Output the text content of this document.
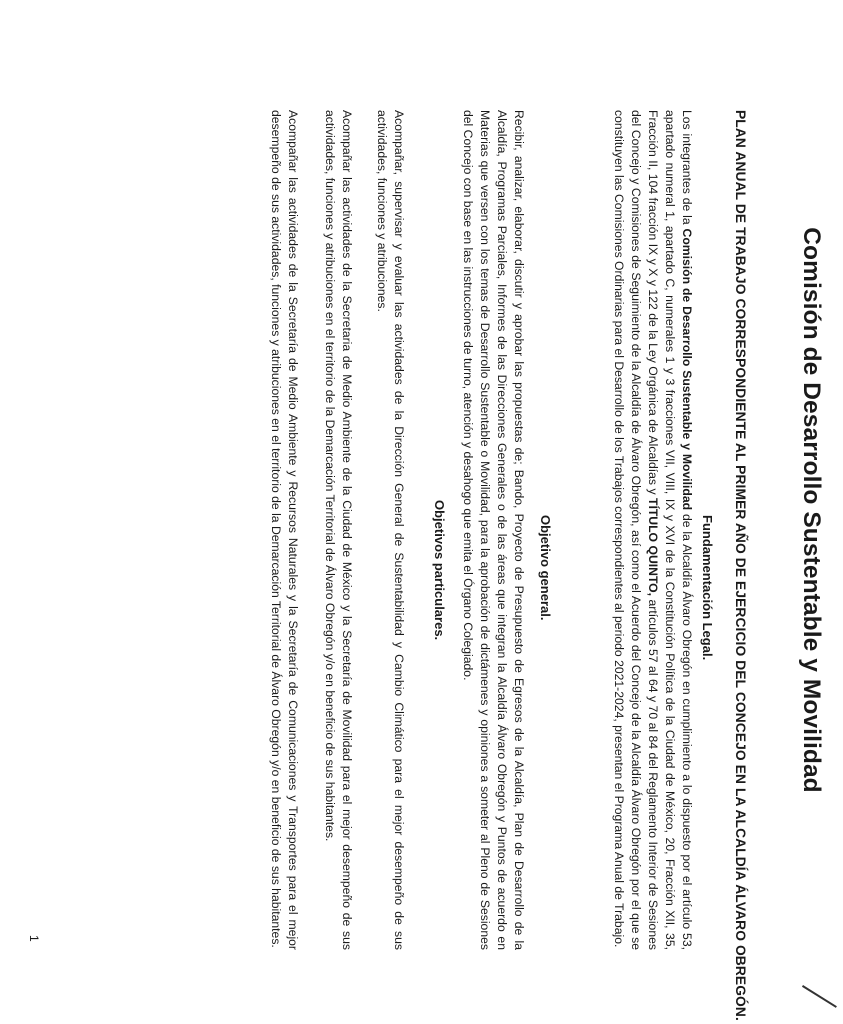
Comisión de Desarrollo Sustentable y Movilidad
PLAN ANUAL DE TRABAJO CORRESPONDIENTE AL PRIMER AÑO DE EJERCICIO DEL CONCEJO EN LA ALCALDÍA ÁLVARO OBREGÓN.
Fundamentación Legal.
Los integrantes de la Comisión de Desarrollo Sustentable y Movilidad de la Alcaldía Álvaro Obregón en cumplimiento a lo dispuesto por el artículo 53, apartado numeral 1, apartado C, numerales 1 y 3 fracciones VII, VIII, IX y XVI de la Constitución Política de la Ciudad de México, 20, Fracción XII, 35, Fracción II, 104 fracción IX y X y 122 de la Ley Orgánica de Alcaldías y TÍTULO QUINTO, artículos 57 al 64 y 70 al 84 del Reglamento Interior de Sesiones del Concejo y Comisiones de Seguimiento de la Alcaldía de Álvaro Obregón, así como el Acuerdo del Concejo de la Alcaldía Álvaro Obregón por el que se constituyen las Comisiones Ordinarias para el Desarrollo de los Trabajos correspondientes al periodo 2021-2024, presentan el Programa Anual de Trabajo.
Objetivo general.
Recibir, analizar, elaborar, discutir y aprobar las propuestas de; Bando, Proyecto de Presupuesto de Egresos de la Alcaldía, Plan de Desarrollo de la Alcaldía, Programas Parciales, Informes de las Direcciones Generales o de las áreas que integran la Alcaldía Álvaro Obregón y Puntos de acuerdo en Materias que versen con los temas de Desarrollo Sustentable o Movilidad, para la aprobación de dictámenes y opiniones a someter al Pleno de Sesiones del Concejo con base en las instrucciones de turno, atención y desahogo que emita el Órgano Colegiado.
Objetivos particulares.
Acompañar, supervisar y evaluar las actividades de la Dirección General de Sustentabilidad y Cambio Climático para el mejor desempeño de sus actividades, funciones y atribuciones.
Acompañar las actividades de la Secretaria de Medio Ambiente de la Ciudad de México y la Secretaría de Movilidad para el mejor desempeño de sus actividades, funciones y atribuciones en el territorio de la Demarcación Territorial de Álvaro Obregón y/o en beneficio de sus habitantes.
Acompañar las actividades de la Secretaría de Medio Ambiente y Recursos Naturales y la Secretaría de Comunicaciones y Transportes para el mejor desempeño de sus actividades, funciones y atribuciones en el territorio de la Demarcación Territorial de Álvaro Obregón y/o en beneficio de sus habitantes.
1
